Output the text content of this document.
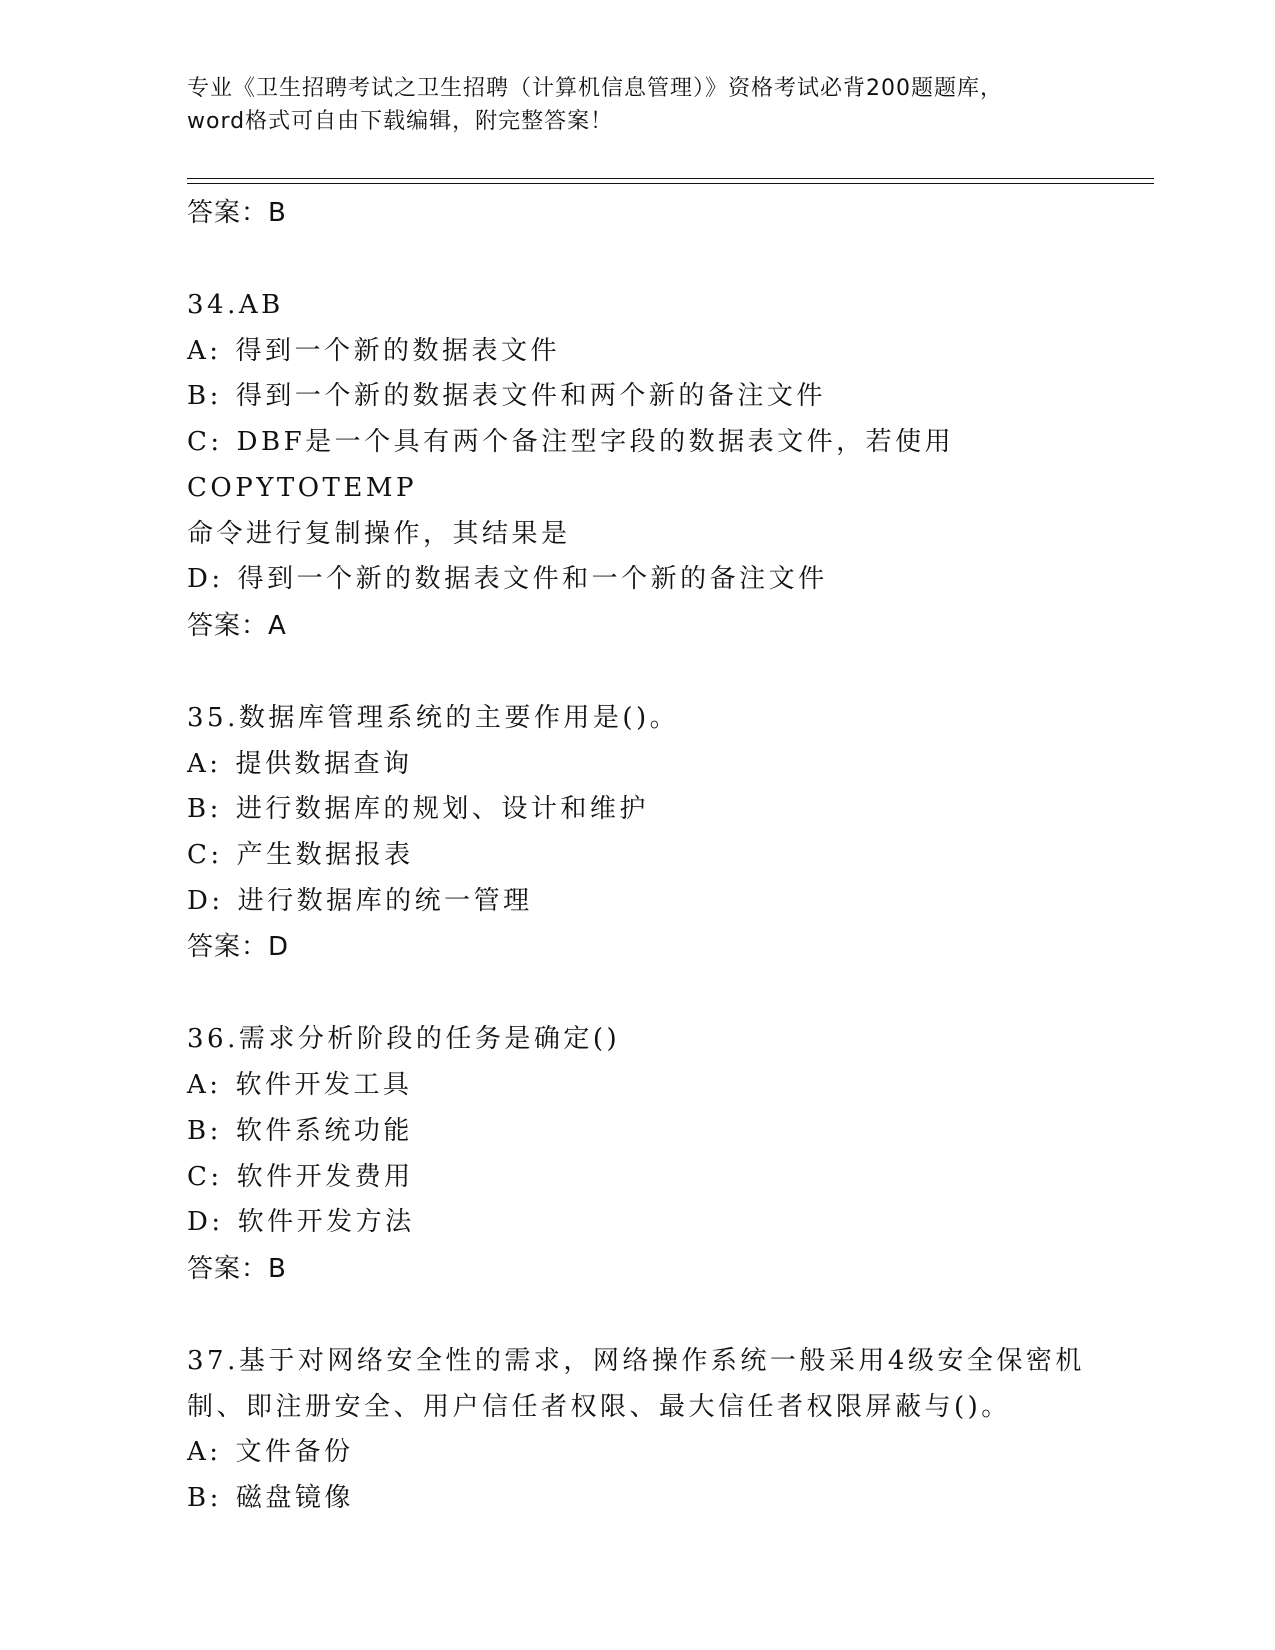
专业《卫生招聘考试之卫生招聘（计算机信息管理）》资格考试必背200题题库，
word格式可自由下载编辑，附完整答案！
答案：B
34.AB
A: 得到一个新的数据表文件
B: 得到一个新的数据表文件和两个新的备注文件
C: DBF是一个具有两个备注型字段的数据表文件，若使用COPYTOTEMP
命令进行复制操作，其结果是
D: 得到一个新的数据表文件和一个新的备注文件
答案：A
35.数据库管理系统的主要作用是()。
A: 提供数据查询
B: 进行数据库的规划、设计和维护
C: 产生数据报表
D: 进行数据库的统一管理
答案：D
36.需求分析阶段的任务是确定()
A: 软件开发工具
B: 软件系统功能
C: 软件开发费用
D: 软件开发方法
答案：B
37.基于对网络安全性的需求，网络操作系统一般采用4级安全保密机
制、即注册安全、用户信任者权限、最大信任者权限屏蔽与()。
A: 文件备份
B: 磁盘镜像
